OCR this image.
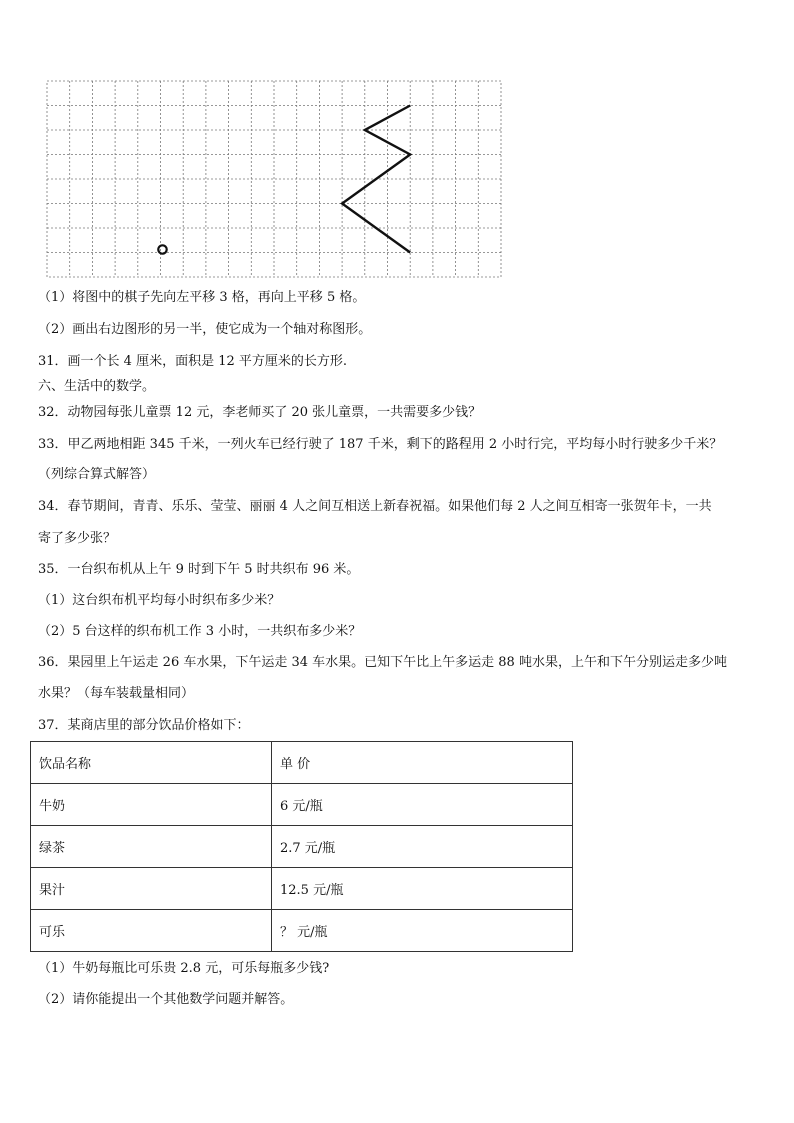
（1）将图中的棋子先向左平移 3 格，再向上平移 5 格。
（2）画出右边图形的另一半，使它成为一个轴对称图形。
31．画一个长 4 厘米，面积是 12 平方厘米的长方形.
六、生活中的数学。
32．动物园每张儿童票 12 元，李老师买了 20 张儿童票，一共需要多少钱？
33．甲乙两地相距 345 千米，一列火车已经行驶了 187 千米，剩下的路程用 2 小时行完，平均每小时行驶多少千米？
（列综合算式解答）
34．春节期间，青青、乐乐、莹莹、丽丽 4 人之间互相送上新春祝福。如果他们每 2 人之间互相寄一张贺年卡，一共
寄了多少张？
35．一台织布机从上午 9 时到下午 5 时共织布 96 米。
（1）这台织布机平均每小时织布多少米？
（2）5 台这样的织布机工作 3 小时，一共织布多少米？
36．果园里上午运走 26 车水果，下午运走 34 车水果。已知下午比上午多运走 88 吨水果，上午和下午分别运走多少吨
水果？（每车装载量相同）
37．某商店里的部分饮品价格如下：
饮品名称	单 价
牛奶	6 元/瓶
绿茶	2.7 元/瓶
果汁	12.5 元/瓶
可乐	？ 元/瓶
（1）牛奶每瓶比可乐贵 2.8 元，可乐每瓶多少钱?
（2）请你能提出一个其他数学问题并解答。
